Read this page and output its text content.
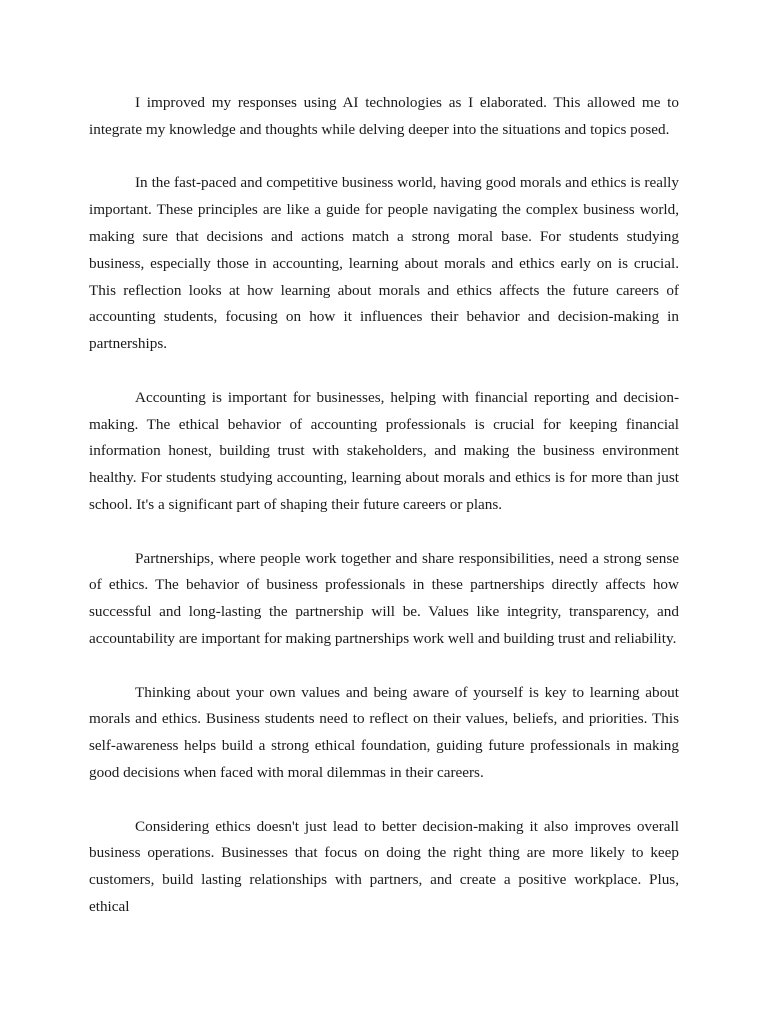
I improved my responses using AI technologies as I elaborated. This allowed me to integrate my knowledge and thoughts while delving deeper into the situations and topics posed.

In the fast-paced and competitive business world, having good morals and ethics is really important. These principles are like a guide for people navigating the complex business world, making sure that decisions and actions match a strong moral base. For students studying business, especially those in accounting, learning about morals and ethics early on is crucial. This reflection looks at how learning about morals and ethics affects the future careers of accounting students, focusing on how it influences their behavior and decision-making in partnerships.

Accounting is important for businesses, helping with financial reporting and decision-making. The ethical behavior of accounting professionals is crucial for keeping financial information honest, building trust with stakeholders, and making the business environment healthy. For students studying accounting, learning about morals and ethics is for more than just school. It's a significant part of shaping their future careers or plans.

Partnerships, where people work together and share responsibilities, need a strong sense of ethics. The behavior of business professionals in these partnerships directly affects how successful and long-lasting the partnership will be. Values like integrity, transparency, and accountability are important for making partnerships work well and building trust and reliability.

Thinking about your own values and being aware of yourself is key to learning about morals and ethics. Business students need to reflect on their values, beliefs, and priorities. This self-awareness helps build a strong ethical foundation, guiding future professionals in making good decisions when faced with moral dilemmas in their careers.

Considering ethics doesn't just lead to better decision-making it also improves overall business operations. Businesses that focus on doing the right thing are more likely to keep customers, build lasting relationships with partners, and create a positive workplace. Plus, ethical
